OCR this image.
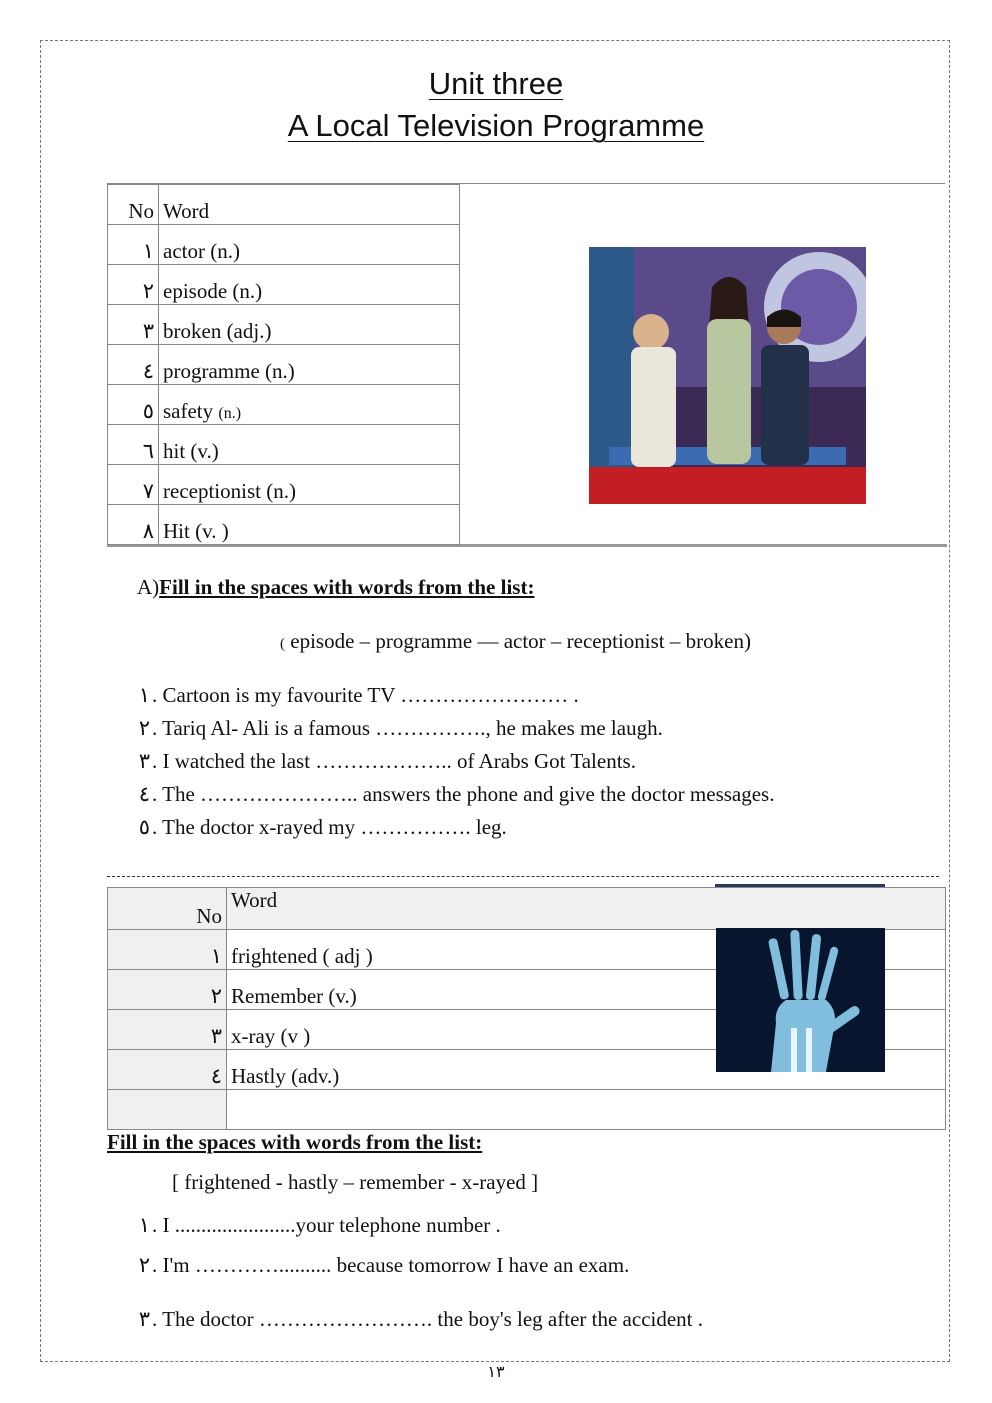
Unit three
A Local Television Programme
No	Word
١	actor (n.)
٢	episode (n.)
٣	broken (adj.)
٤	programme (n.)
٥	safety (n.)
٦	hit (v.)
٧	receptionist (n.)
٨	Hit (v. )
A)Fill in the spaces with words from the list:
( episode – programme — actor – receptionist – broken)
١. Cartoon is my favourite TV …………………… .
٢. Tariq Al- Ali is a famous ……………., he makes me laugh.
٣. I watched the last ……………….. of Arabs Got Talents.
٤. The ………………….. answers the phone and give the doctor messages.
٥. The doctor x-rayed my ……………. leg.
No	Word
١	frightened ( adj )
٢	Remember (v.)
٣	x-ray (v )
٤	Hastly (adv.)

Fill in the spaces with words from the list:
[ frightened - hastly – remember - x-rayed ]
١. I .......................your telephone number .
٢. I'm ………….......... because tomorrow I have an exam.
٣. The doctor ……………………. the boy's leg after the accident .
١٣
